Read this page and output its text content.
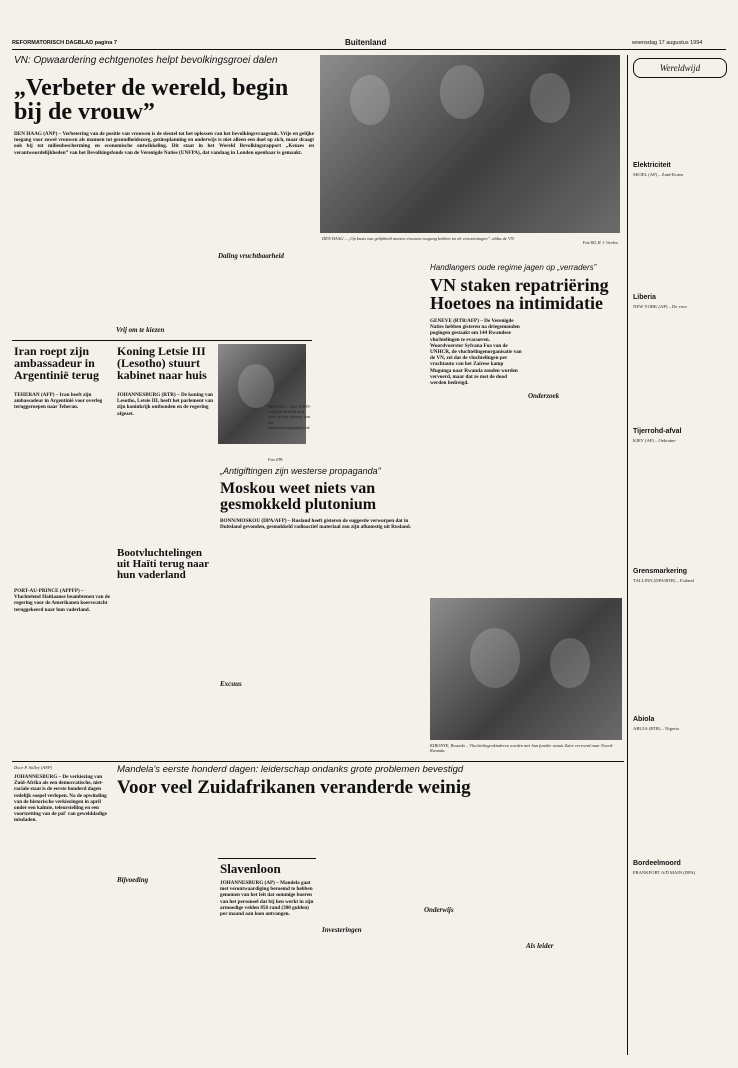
REFORMATORISCH DAGBLAD pagina 7	Buitenland	woensdag 17 augustus 1994
VN: Opwaardering echtgenotes helpt bevolkingsgroei dalen
„Verbeter de wereld, begin bij de vrouw”
DEN HAAG (ANP) – Verbetering van de positie van vrouwen is de sleutel tot het oplossen van het bevolkingsvraagstuk. Vrije en gelijke toegang voor zowel vrouwen als mannen tot gezondheidszorg, gezinsplanning en onderwijs is niet alleen een doel op zich, maar draagt ook bij tot milieubescherming en economische ontwikkeling. Dit staat in het Wereld Bevolkingsrapport „Keuzes en verantwoordelijkheden” van het Bevolkingsfonds van de Verenigde Naties (UNFPA), dat vandaag in Londen openbaar is gemaakt.
Vrij om te kiezen
Daling vruchtbaarheid
DEN HAAG – „Op basis van gelijkheid moeten vrouwen toegang hebben tot de voorzieningen”, aldus de VN.
Foto RD, H. J. Vreeken
Wereldwijd
Elektriciteit
SEOEL (AP) – Zuid-Korea
Liberia
NEW YORK (AP) – De voor
Tijerrohd-afval
KIEV (AP) – Oekraïne
Grensmarkering
TALLINN (DPA/RTR) – Estland
Abiola
ABUJA (RTR) – Nigeria
Bordeelmoord
FRANKFORT A/D MAIN (DPA)
Iran roept zijn ambassadeur in Argentinië terug
TEHERAN (AFP) – Iran heeft zijn ambassadeur in Argentinië voor overleg teruggeroepen naar Teheran.
PORT-AU-PRINCE (APPFP) – Vluchtelend Haitiaanse beambtenen van de regering voor de Amerikanen koerswatcht teruggekeerd naar hun vaderland.
Koning Letsie III (Lesotho) stuurt kabinet naar huis
JOHANNESBURG (RTR) – De koning van Lesotho, Letsie III, heeft het parlement van zijn koninkrijk ontbonden en de regering afgezet.
Bootvluchtelingen uit Haïti terug naar hun vaderland
BRUSSEL – Een NAVO-employé bereidt zich voor op het tekenen van het samenwerkingsakkoord.
Foto EPA
„Antigiftingen zijn westerse propaganda”
Moskou weet niets van gesmokkeld plutonium
BONN/MOSKOU (DPA/AFP) – Rusland heeft gisteren de suggestie verworpen dat in Duitsland gevonden, gesmokkeld radioactief materiaal zou zijn afkomstig uit Rusland.
Excuus
Handlangers oude regime jagen op „verraders”
VN staken repatriëring Hoetoes na intimidatie
GENÈVE (RTR/AFP) – De Verenigde Naties hebben gisteren na driegemonden pogingen gestaakt om 144 Rwandese vluchtelingen te evacueren. Woordvoerster Sylvana Foa van de UNHCR, de vluchtelingenorganisatie van de VN, zei dat de vluchtelingen per vrachtauto van het Zaïrese kamp Mugunga naar Rwanda zouden worden vervoerd, maar dat ze met de dood werden bedreigd.
Onderzoek
KIBONYE, Rwanda – Vluchtelingenkinderen worden met hun familie vanuit Zaïre vervoerd naar Noord-Rwanda.
Door P. Stilley (ANP)	Mandela's eerste honderd dagen: leiderschap ondanks grote problemen bevestigd
Voor veel Zuidafrikanen veranderde weinig
JOHANNESBURG – De verkiezing van Zuid-Afrika als een democratische, niet-raciale staat is de eerste honderd dagen redelijk soepel verlopen. Na de opwinding van de historische verkiezingen in april onder een kalmte, teleurstelling en een voortzetting van de pal' van gewelddadige misdaden.
Bijvoeding
Slavenloon
JOHANNESBURG (AP) – Mandela gaat met verontwaardiging beroemd te hebben genomen van het feit dat sommige boeren van het personeel dat bij hen werkt in zijn armoedige velden 850 rand (300 gulden) per maand aan loon ontvangen.
Investeringen
Onderwijs
Als leider
